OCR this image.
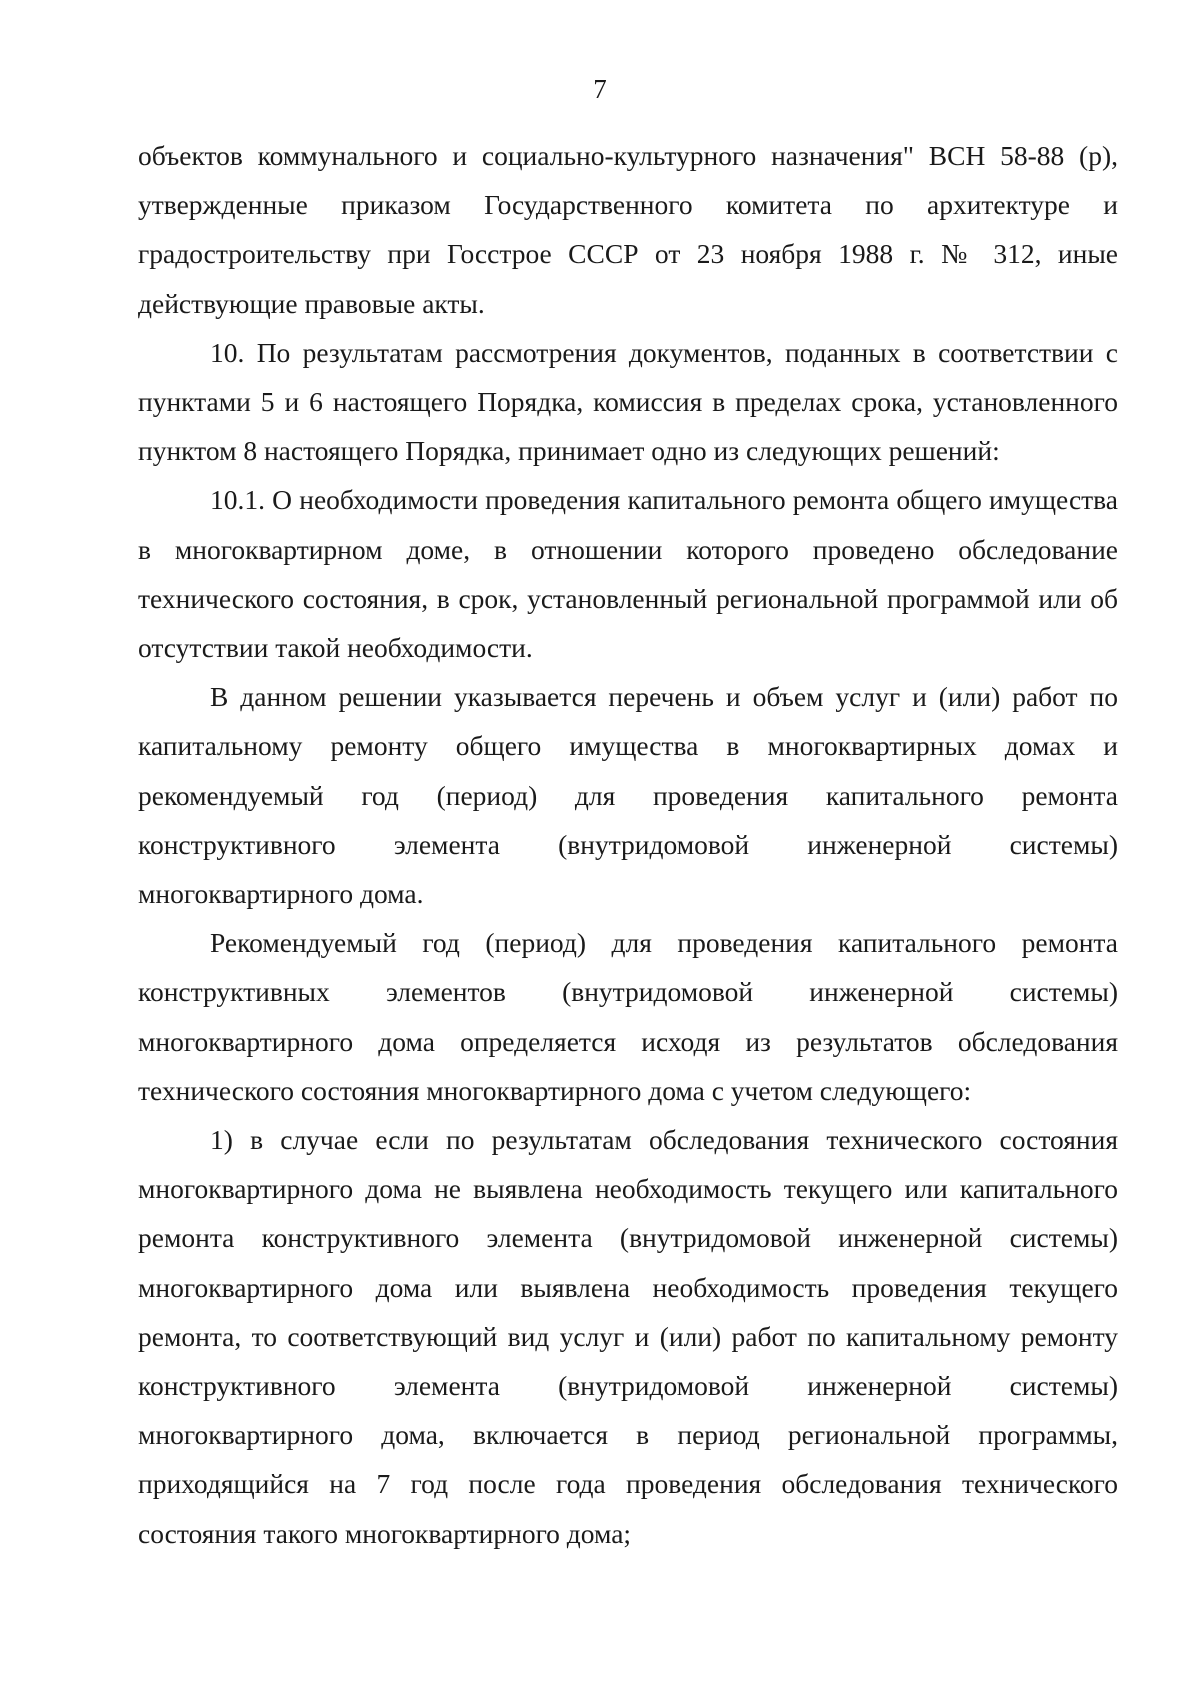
7

объектов коммунального и социально-культурного назначения" ВСН 58-88 (р), утвержденные приказом Государственного комитета по архитектуре и градостроительству при Госстрое СССР от 23 ноября 1988 г. № 312, иные действующие правовые акты.

10. По результатам рассмотрения документов, поданных в соответствии с пунктами 5 и 6 настоящего Порядка, комиссия в пределах срока, установленного пунктом 8 настоящего Порядка, принимает одно из следующих решений:

10.1. О необходимости проведения капитального ремонта общего имущества в многоквартирном доме, в отношении которого проведено обследование технического состояния, в срок, установленный региональной программой или об отсутствии такой необходимости.

В данном решении указывается перечень и объем услуг и (или) работ по капитальному ремонту общего имущества в многоквартирных домах и рекомендуемый год (период) для проведения капитального ремонта конструктивного элемента (внутридомовой инженерной системы) многоквартирного дома.

Рекомендуемый год (период) для проведения капитального ремонта конструктивных элементов (внутридомовой инженерной системы) многоквартирного дома определяется исходя из результатов обследования технического состояния многоквартирного дома с учетом следующего:

1) в случае если по результатам обследования технического состояния многоквартирного дома не выявлена необходимость текущего или капитального ремонта конструктивного элемента (внутридомовой инженерной системы) многоквартирного дома или выявлена необходимость проведения текущего ремонта, то соответствующий вид услуг и (или) работ по капитальному ремонту конструктивного элемента (внутридомовой инженерной системы) многоквартирного дома, включается в период региональной программы, приходящийся на 7 год после года проведения обследования технического состояния такого многоквартирного дома;
